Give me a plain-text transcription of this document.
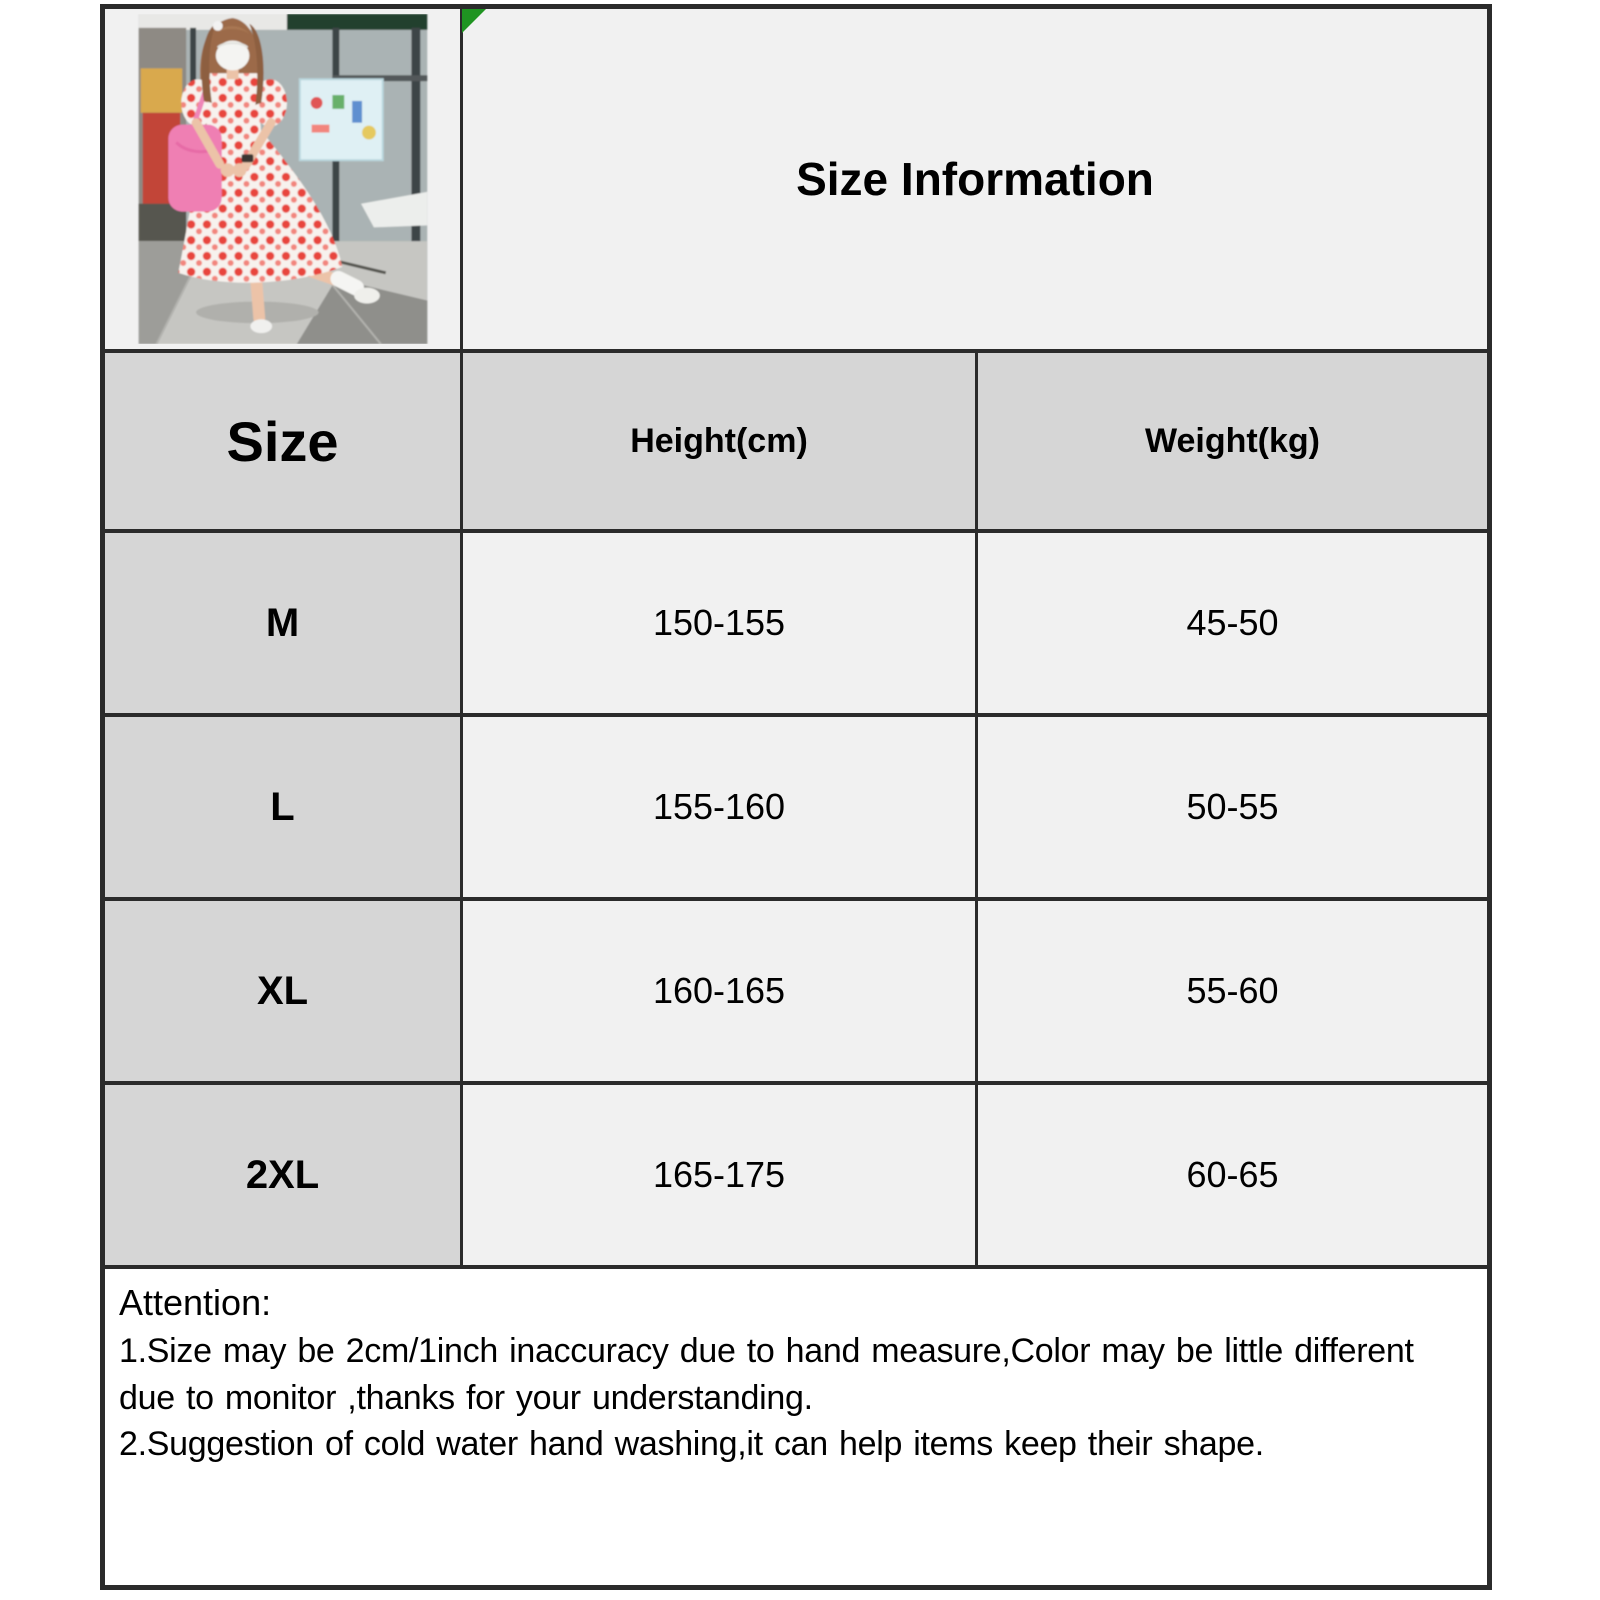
Size Information
Size	Height(cm)	Weight(kg)
M	150-155	45-50
L	155-160	50-55
XL	160-165	55-60
2XL	165-175	60-65
Attention:
1.Size may be 2cm/1inch inaccuracy due to hand measure,Color may be little different due to monitor ,thanks for your understanding.
2.Suggestion of cold water hand washing,it can help items keep their shape.
